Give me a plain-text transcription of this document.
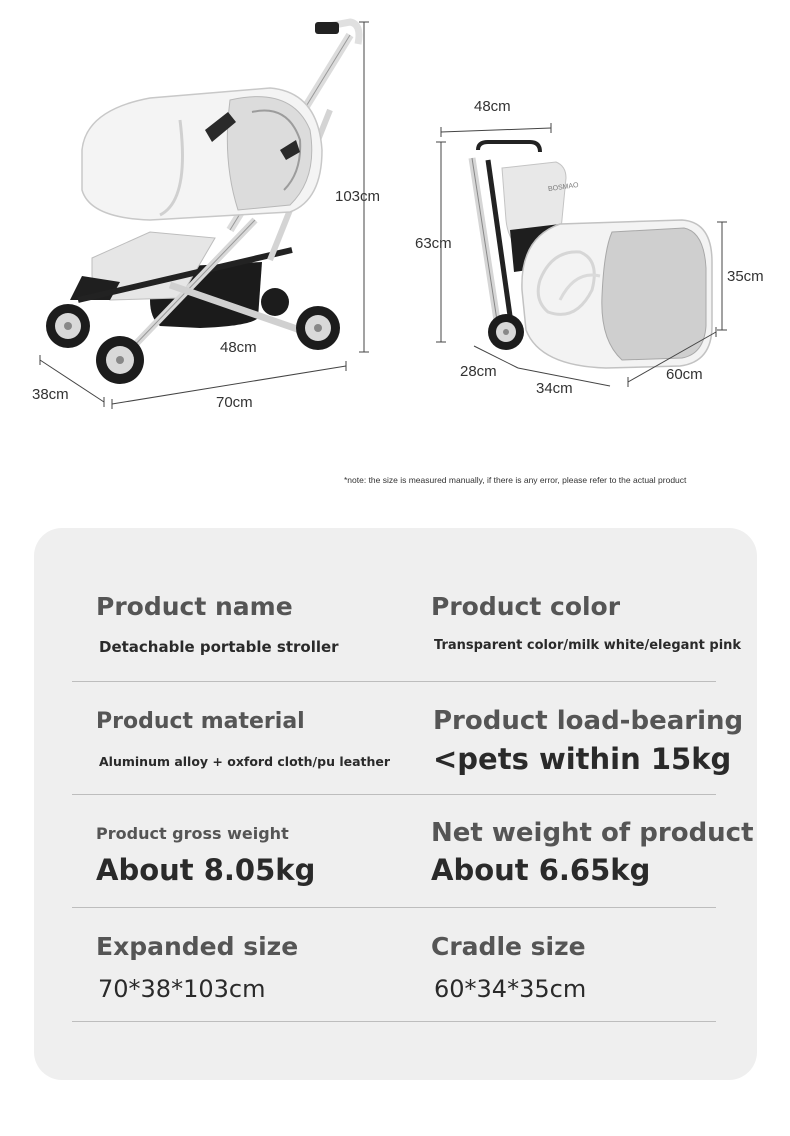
103cm
48cm
70cm
38cm
48cm
63cm
28cm
35cm
34cm
60cm
BOSMAO
*note: the size is measured manually, if there is any error, please refer to the actual product
Product name
Detachable portable stroller
Product color
Transparent color/milk white/elegant pink
Product material
Aluminum alloy + oxford cloth/pu leather
Product load-bearing
<pets within 15kg
Product gross weight
About 8.05kg
Net weight of product
About 6.65kg
Expanded size
70*38*103cm
Cradle size
60*34*35cm
